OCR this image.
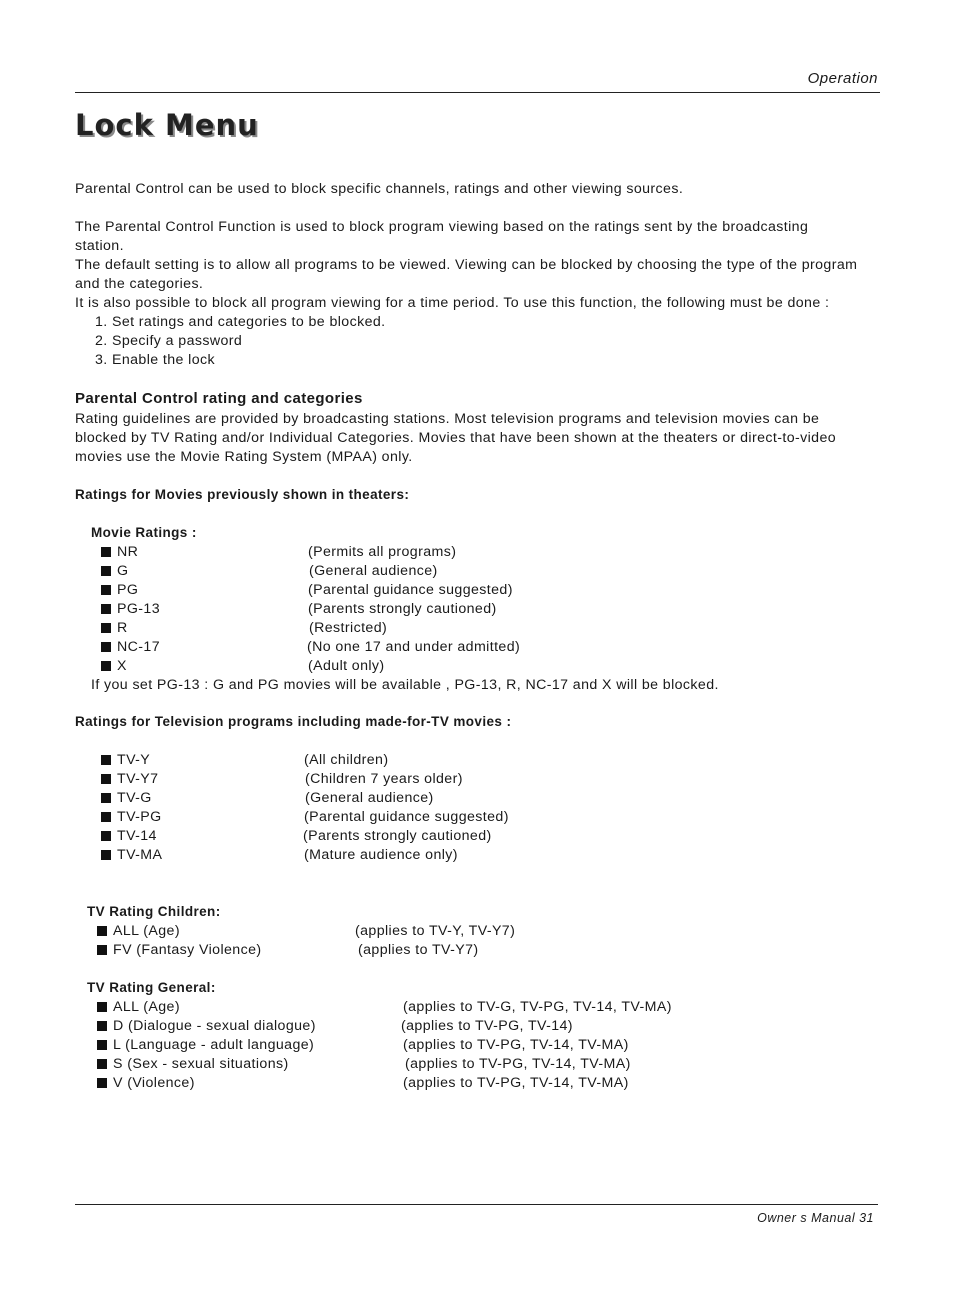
Operation
Lock Menu
Parental Control can be used to block specific channels, ratings and other viewing sources.
The Parental Control Function is used to block program viewing based on the ratings sent by the broadcasting
station.
The default setting is to allow all programs to be viewed. Viewing can be blocked by choosing the type of the program
and the categories.
It is also possible to block all program viewing for a time period. To use this function, the following must be done :
1. Set ratings and categories to be blocked.
2. Specify a password
3. Enable the lock
Parental Control rating and categories
Rating guidelines are provided by broadcasting stations. Most television programs and television movies can be
blocked by TV Rating and/or Individual Categories. Movies that have been shown at the theaters or direct-to-video
movies use the Movie Rating System (MPAA) only.
Ratings for Movies previously shown in theaters:
Movie Ratings :
NR	(Permits all programs)
G	(General audience)
PG	(Parental guidance suggested)
PG-13	(Parents strongly cautioned)
R	(Restricted)
NC-17	(No one 17 and under admitted)
X	(Adult only)
If you set PG-13 : G and PG movies will be available , PG-13, R, NC-17 and X will be blocked.
Ratings for Television programs including made-for-TV movies :
TV-Y	(All children)
TV-Y7	(Children 7 years older)
TV-G	(General audience)
TV-PG	(Parental guidance suggested)
TV-14	(Parents strongly cautioned)
TV-MA	(Mature audience only)
TV Rating Children:
ALL (Age)	(applies to TV-Y, TV-Y7)
FV (Fantasy Violence)	(applies to TV-Y7)
TV Rating General:
ALL (Age)	(applies to TV-G, TV-PG, TV-14, TV-MA)
D (Dialogue - sexual dialogue)	(applies to TV-PG, TV-14)
L (Language - adult language)	(applies to TV-PG, TV-14, TV-MA)
S (Sex - sexual situations)	(applies to TV-PG, TV-14, TV-MA)
V (Violence)	(applies to TV-PG, TV-14, TV-MA)
Owner s Manual 31
